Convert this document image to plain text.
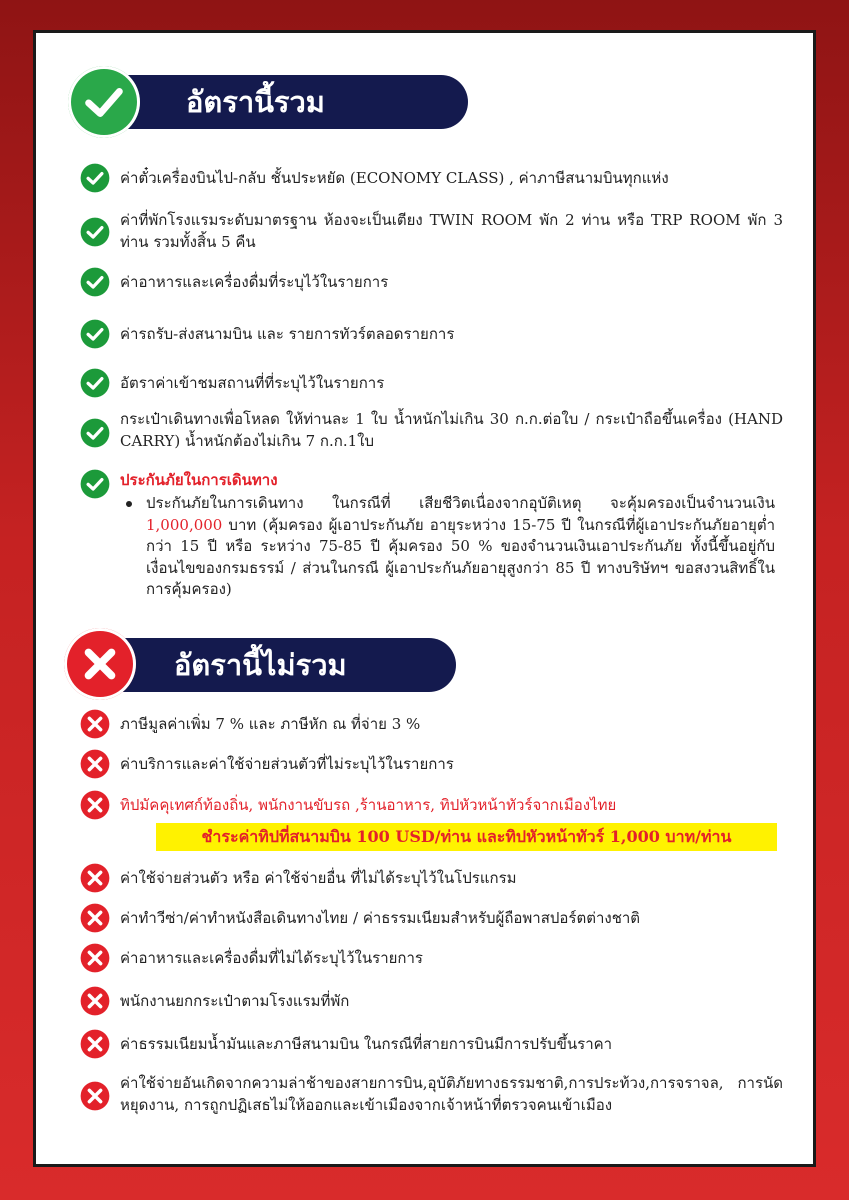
อัตรานี้รวม
ค่าตั๋วเครื่องบินไป-กลับ ชั้นประหยัด (ECONOMY CLASS) , ค่าภาษีสนามบินทุกแห่ง
ค่าที่พักโรงแรมระดับมาตรฐาน ห้องจะเป็นเตียง TWIN ROOM พัก 2 ท่าน หรือ TRP ROOM พัก 3 ท่าน รวมทั้งสิ้น 5 คืน
ค่าอาหารและเครื่องดื่มที่ระบุไว้ในรายการ
ค่ารถรับ-ส่งสนามบิน และ รายการทัวร์ตลอดรายการ
อัตราค่าเข้าชมสถานที่ที่ระบุไว้ในรายการ
กระเป๋าเดินทางเพื่อโหลด ให้ท่านละ 1 ใบ น้ำหนักไม่เกิน 30 ก.ก.ต่อใบ / กระเป๋าถือขึ้นเครื่อง (HAND CARRY) น้ำหนักต้องไม่เกิน 7 ก.ก.1ใบ
ประกันภัยในการเดินทาง
ประกันภัยในการเดินทาง ในกรณีที่ เสียชีวิตเนื่องจากอุบัติเหตุ จะคุ้มครองเป็นจำนวนเงิน 1,000,000 บาท (คุ้มครอง ผู้เอาประกันภัย อายุระหว่าง 15-75 ปี ในกรณีที่ผู้เอาประกันภัยอายุต่ำกว่า 15 ปี หรือ ระหว่าง 75-85 ปี คุ้มครอง 50 % ของจำนวนเงินเอาประกันภัย ทั้งนี้ขึ้นอยู่กับเงื่อนไขของกรมธรรม์ / ส่วนในกรณี ผู้เอาประกันภัยอายุสูงกว่า 85 ปี ทางบริษัทฯ ขอสงวนสิทธิ์ในการคุ้มครอง)
อัตรานี้ไม่รวม
ภาษีมูลค่าเพิ่ม 7 % และ ภาษีหัก ณ ที่จ่าย 3 %
ค่าบริการและค่าใช้จ่ายส่วนตัวที่ไม่ระบุไว้ในรายการ
ทิปมัคคุเทศก์ท้องถิ่น, พนักงานขับรถ ,ร้านอาหาร, ทิปหัวหน้าทัวร์จากเมืองไทย
ชำระค่าทิปที่สนามบิน 100 USD/ท่าน และทิปหัวหน้าทัวร์ 1,000 บาท/ท่าน
ค่าใช้จ่ายส่วนตัว หรือ ค่าใช้จ่ายอื่น ที่ไม่ได้ระบุไว้ในโปรแกรม
ค่าทำวีซ่า/ค่าทำหนังสือเดินทางไทย / ค่าธรรมเนียมสำหรับผู้ถือพาสปอร์ตต่างชาติ
ค่าอาหารและเครื่องดื่มที่ไม่ได้ระบุไว้ในรายการ
พนักงานยกกระเป๋าตามโรงแรมที่พัก
ค่าธรรมเนียมน้ำมันและภาษีสนามบิน ในกรณีที่สายการบินมีการปรับขึ้นราคา
ค่าใช้จ่ายอันเกิดจากความล่าช้าของสายการบิน,อุบัติภัยทางธรรมชาติ,การประท้วง,การจราจล, การนัดหยุดงาน, การถูกปฏิเสธไม่ให้ออกและเข้าเมืองจากเจ้าหน้าที่ตรวจคนเข้าเมือง
